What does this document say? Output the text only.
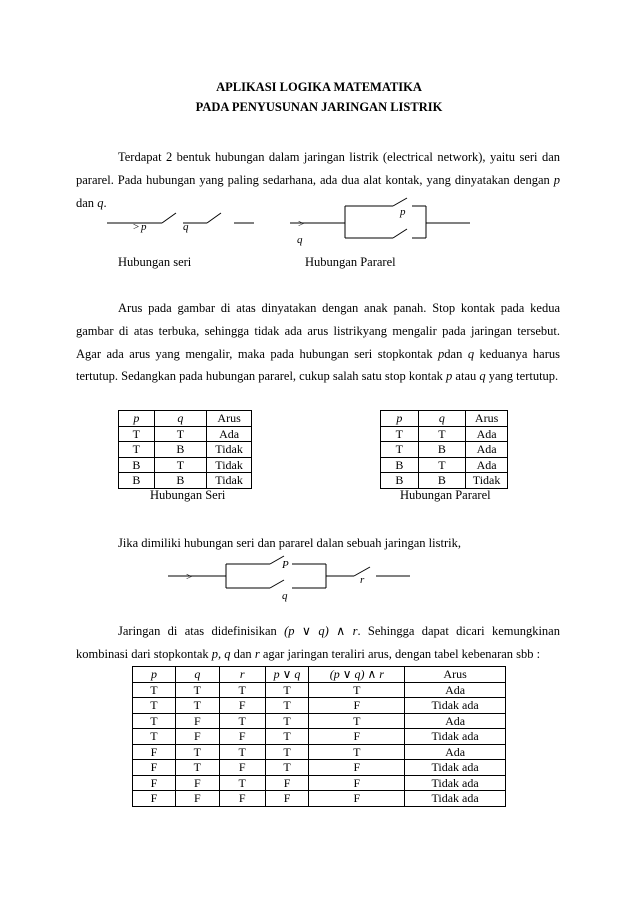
APLIKASI LOGIKA MATEMATIKA
PADA PENYUSUNAN JARINGAN LISTRIK
Terdapat 2 bentuk hubungan dalam jaringan listrik (electrical network), yaitu seri dan pararel. Pada hubungan yang paling sedarhana, ada dua alat kontak, yang dinyatakan dengan p dan q.
> p	q	>
p
q
Hubungan seri	Hubungan Pararel
Arus pada gambar di atas dinyatakan dengan anak panah. Stop kontak pada kedua gambar di atas terbuka, sehingga tidak ada arus listrikyang mengalir pada jaringan tersebut. Agar ada arus yang mengalir, maka pada hubungan seri stopkontak pdan q keduanya harus tertutup. Sedangkan pada hubungan pararel, cukup salah satu stop kontak p atau q yang tertutup.
p	q	Arus
T	T	Ada
T	B	Tidak
B	T	Tidak
B	B	Tidak
Hubungan Seri
p	q	Arus
T	T	Ada
T	B	Ada
B	T	Ada
B	B	Tidak
Hubungan Pararel
Jika dimiliki hubungan seri dan pararel dalan sebuah jaringan listrik,
>
P
q
r
Jaringan di atas didefinisikan (p ∨ q) ∧ r. Sehingga dapat dicari kemungkinan kombinasi dari stopkontak p, q dan r agar jaringan teraliri arus, dengan tabel kebenaran sbb :
p	q	r	p ∨ q	(p ∨ q) ∧ r	Arus
T	T	T	T	T	Ada
T	T	F	T	F	Tidak ada
T	F	T	T	T	Ada
T	F	F	T	F	Tidak ada
F	T	T	T	T	Ada
F	T	F	T	F	Tidak ada
F	F	T	F	F	Tidak ada
F	F	F	F	F	Tidak ada
